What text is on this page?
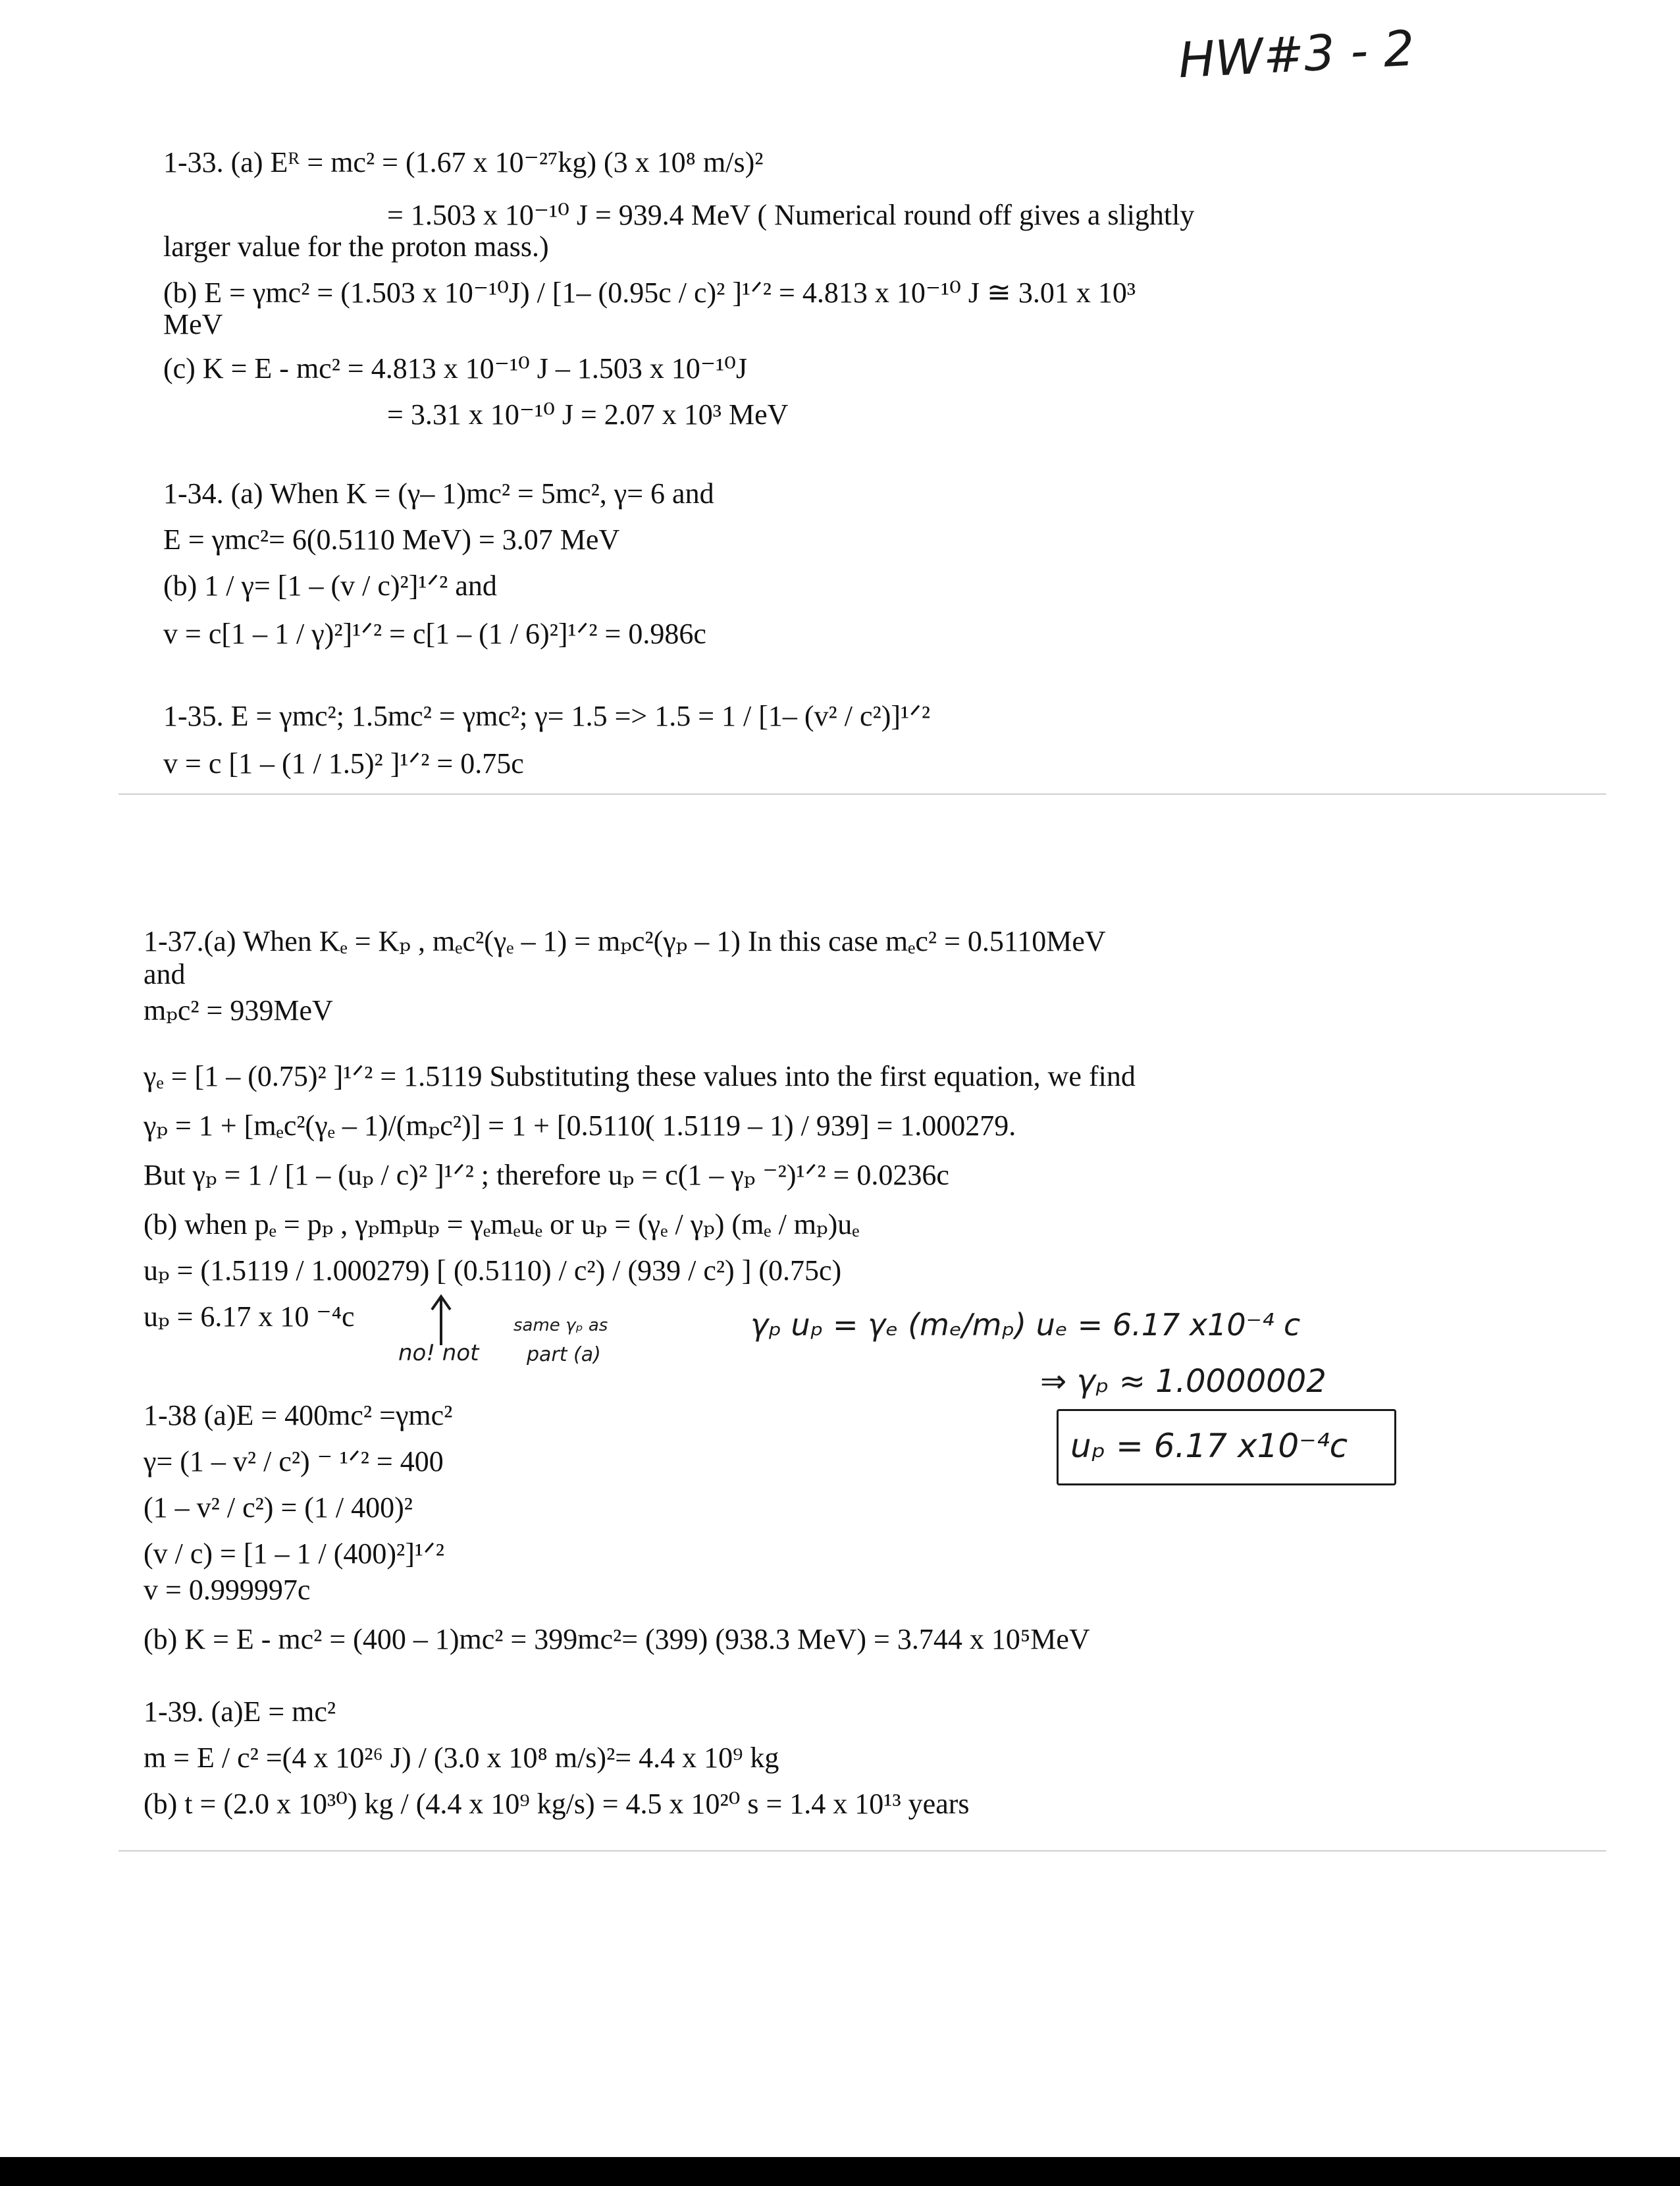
HW#3 - 2
1-33. (a) Eᴿ = mc² = (1.67 x 10⁻²⁷kg) (3 x 10⁸ m/s)²
= 1.503 x 10⁻¹⁰ J = 939.4 MeV ( Numerical round off gives a slightly
larger value for the proton mass.)
(b) E = γmc² = (1.503 x 10⁻¹⁰J) / [1– (0.95c / c)² ]¹ᐟ² = 4.813 x 10⁻¹⁰ J ≅ 3.01 x 10³
MeV
(c) K = E - mc² = 4.813 x 10⁻¹⁰ J – 1.503 x 10⁻¹⁰J
= 3.31 x 10⁻¹⁰ J = 2.07 x 10³ MeV
1-34. (a) When K = (γ– 1)mc² = 5mc², γ= 6 and
E = γmc²= 6(0.5110 MeV) = 3.07 MeV
(b) 1 / γ= [1 – (v / c)²]¹ᐟ² and
v = c[1 – 1 / γ)²]¹ᐟ² = c[1 – (1 / 6)²]¹ᐟ² = 0.986c
1-35. E = γmc²; 1.5mc² = γmc²; γ= 1.5 => 1.5 = 1 / [1– (v² / c²)]¹ᐟ²
v = c [1 – (1 / 1.5)² ]¹ᐟ² = 0.75c
1-37.(a) When Kₑ = Kₚ , mₑc²(γₑ – 1) = mₚc²(γₚ – 1) In this case mₑc² = 0.5110MeV
and
mₚc² = 939MeV
γₑ = [1 – (0.75)² ]¹ᐟ² = 1.5119 Substituting these values into the first equation, we find
γₚ = 1 + [mₑc²(γₑ – 1)/(mₚc²)] = 1 + [0.5110( 1.5119 – 1) / 939] = 1.000279.
But γₚ = 1 / [1 – (uₚ / c)² ]¹ᐟ² ; therefore uₚ = c(1 – γₚ ⁻²)¹ᐟ² = 0.0236c
(b) when pₑ = pₚ , γₚmₚuₚ = γₑmₑuₑ or uₚ = (γₑ / γₚ) (mₑ / mₚ)uₑ
uₚ = (1.5119 / 1.000279) [ (0.5110) / c²) / (939 / c²) ] (0.75c)
uₚ = 6.17 x 10 ⁻⁴c
no! not
same γₚ as
part (a)
γₚ uₚ = γₑ (mₑ/mₚ) uₑ = 6.17 x10⁻⁴ c
⇒ γₚ ≈ 1.0000002
uₚ = 6.17 x10⁻⁴c
1-38 (a)E = 400mc² =γmc²
γ= (1 – v² / c²) ⁻ ¹ᐟ² = 400
(1 – v² / c²) = (1 / 400)²
(v / c) = [1 – 1 / (400)²]¹ᐟ²
v = 0.999997c
(b) K = E - mc² = (400 – 1)mc² = 399mc²= (399) (938.3 MeV) = 3.744 x 10⁵MeV
1-39. (a)E = mc²
m = E / c² =(4 x 10²⁶ J) / (3.0 x 10⁸ m/s)²= 4.4 x 10⁹ kg
(b) t = (2.0 x 10³⁰) kg / (4.4 x 10⁹ kg/s) = 4.5 x 10²⁰ s = 1.4 x 10¹³ years
